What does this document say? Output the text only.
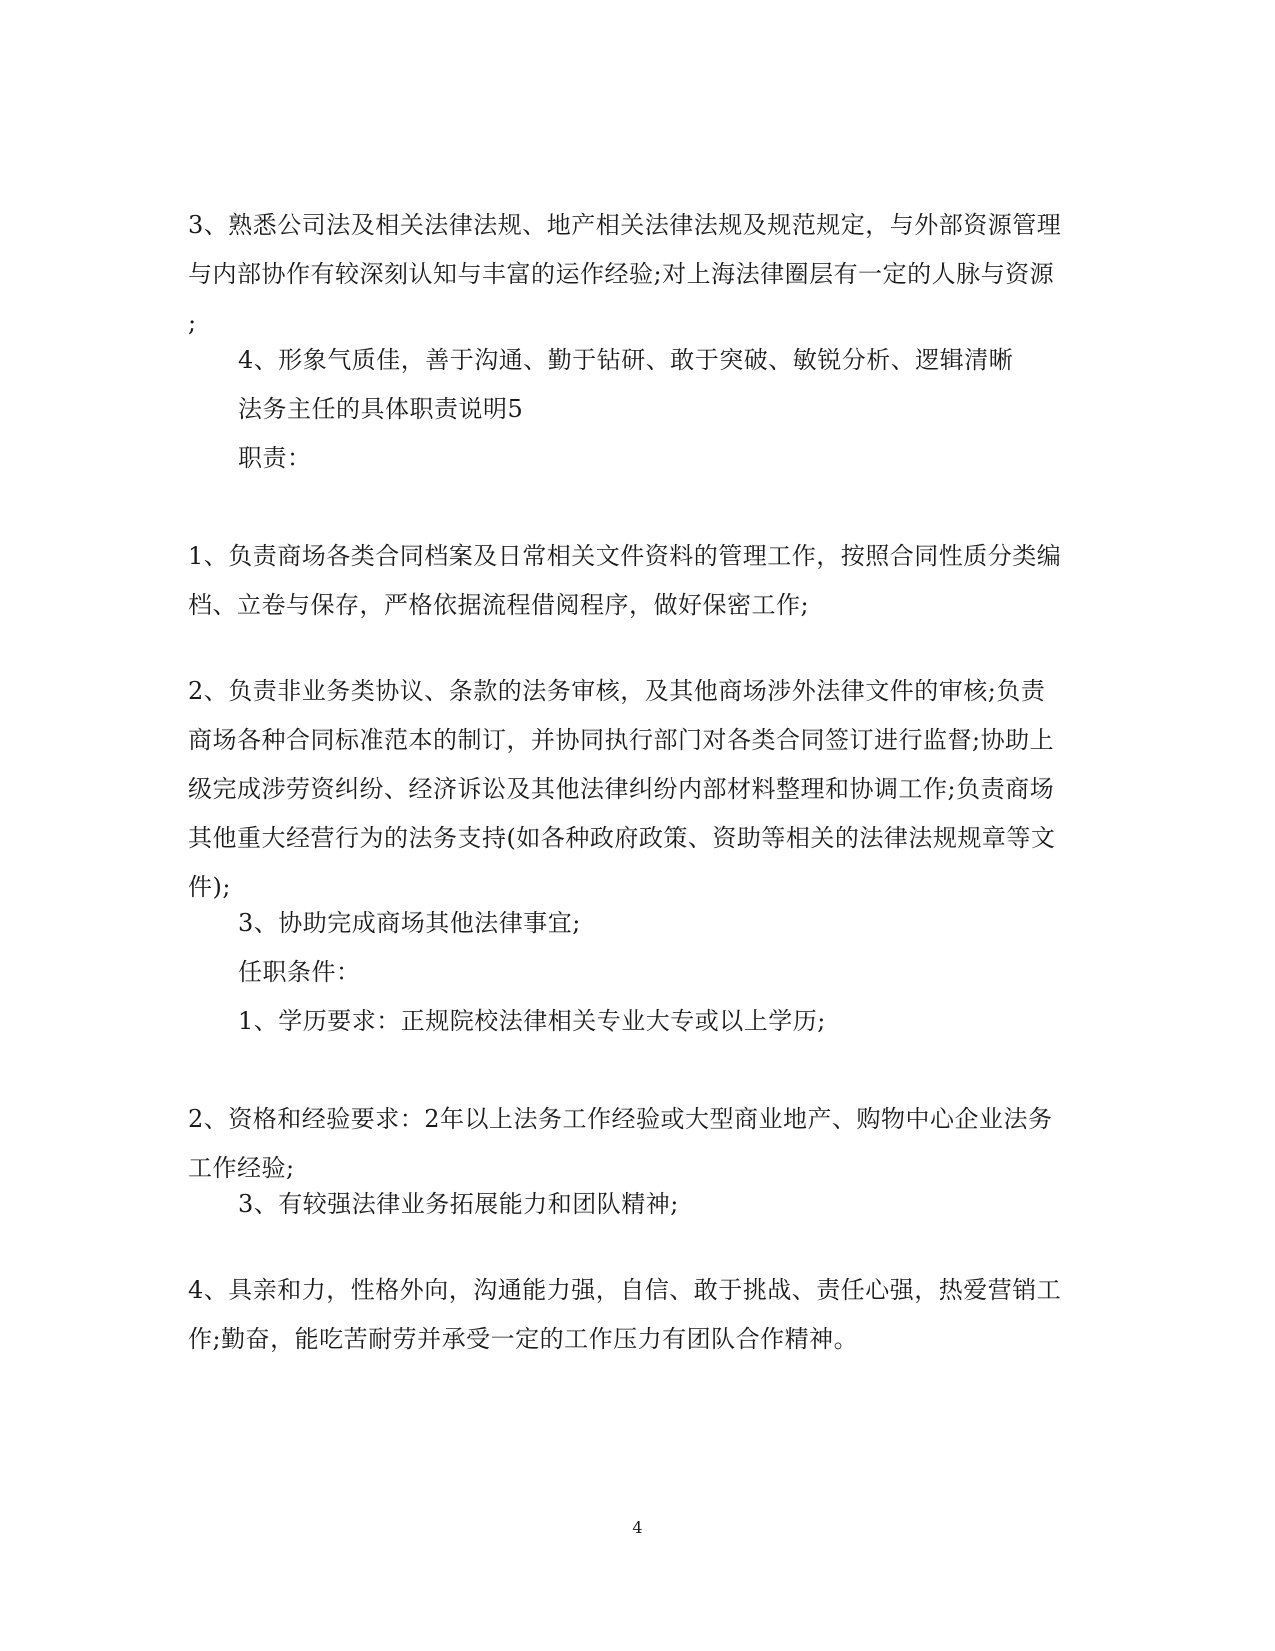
3、熟悉公司法及相关法律法规、地产相关法律法规及规范规定，与外部资源管理
与内部协作有较深刻认知与丰富的运作经验;对上海法律圈层有一定的人脉与资源
;
4、形象气质佳，善于沟通、勤于钻研、敢于突破、敏锐分析、逻辑清晰
法务主任的具体职责说明5
职责：
1、负责商场各类合同档案及日常相关文件资料的管理工作，按照合同性质分类编
档、立卷与保存，严格依据流程借阅程序，做好保密工作;
2、负责非业务类协议、条款的法务审核，及其他商场涉外法律文件的审核;负责
商场各种合同标准范本的制订，并协同执行部门对各类合同签订进行监督;协助上
级完成涉劳资纠纷、经济诉讼及其他法律纠纷内部材料整理和协调工作;负责商场
其他重大经营行为的法务支持(如各种政府政策、资助等相关的法律法规规章等文
件);
3、协助完成商场其他法律事宜;
任职条件：
1、学历要求：正规院校法律相关专业大专或以上学历;
2、资格和经验要求：2年以上法务工作经验或大型商业地产、购物中心企业法务
工作经验;
3、有较强法律业务拓展能力和团队精神;
4、具亲和力，性格外向，沟通能力强，自信、敢于挑战、责任心强，热爱营销工
作;勤奋，能吃苦耐劳并承受一定的工作压力有团队合作精神。
4
